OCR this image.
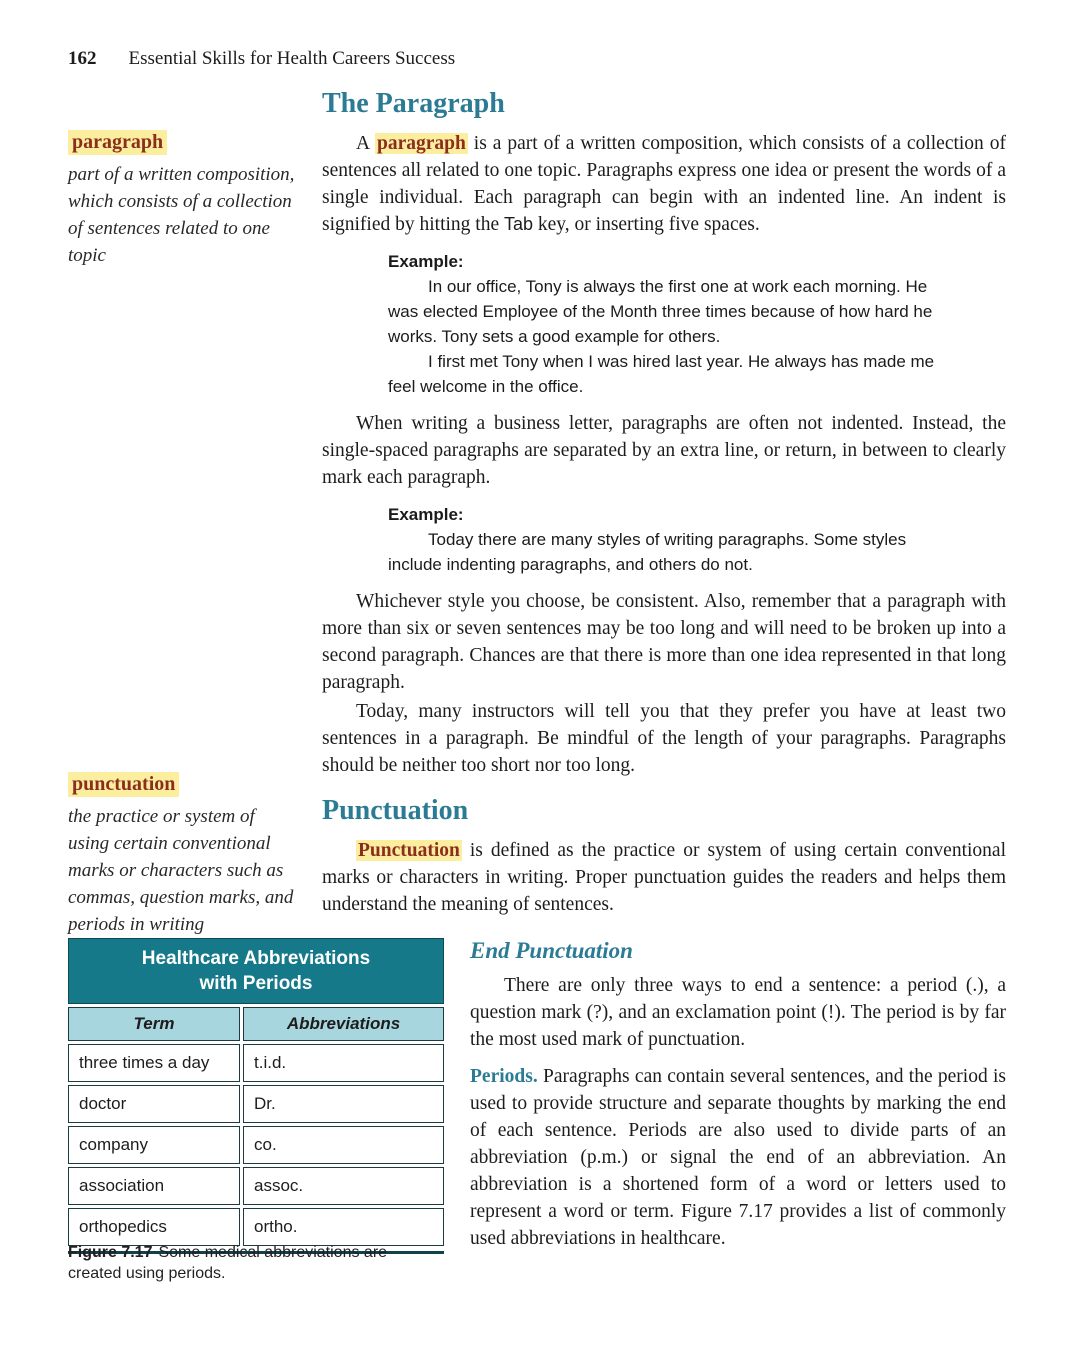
162 Essential Skills for Health Careers Success
paragraph

part of a written composition, which consists of a collection of sentences related to one topic

punctuation

the practice or system of using certain conventional marks or characters such as commas, question marks, and periods in writing

Healthcare Abbreviations
with Periods
Term	Abbreviations
three times a day	t.i.d.
doctor	Dr.
company	co.
association	assoc.
orthopedics	ortho.
Figure 7.17 Some medical abbreviations are created using periods.
The Paragraph

A paragraph is a part of a written composition, which consists of a collection of sentences all related to one topic. Paragraphs express one idea or present the words of a single individual. Each paragraph can begin with an indented line. An indent is signified by hitting the Tab key, or inserting five spaces.

Example:

In our office, Tony is always the first one at work each morning. He was elected Employee of the Month three times because of how hard he works. Tony sets a good example for others.

I first met Tony when I was hired last year. He always has made me feel welcome in the office.

When writing a business letter, paragraphs are often not indented. Instead, the single-spaced paragraphs are separated by an extra line, or return, in between to clearly mark each paragraph.

Example:

Today there are many styles of writing paragraphs. Some styles include indenting paragraphs, and others do not.

Whichever style you choose, be consistent. Also, remember that a paragraph with more than six or seven sentences may be too long and will need to be broken up into a second paragraph. Chances are that there is more than one idea represented in that long paragraph.

Today, many instructors will tell you that they prefer you have at least two sentences in a paragraph. Be mindful of the length of your paragraphs. Paragraphs should be neither too short nor too long.

Punctuation

Punctuation is defined as the practice or system of using certain conventional marks or characters in writing. Proper punctuation guides the readers and helps them understand the meaning of sentences.

End Punctuation

There are only three ways to end a sentence: a period (.), a question mark (?), and an exclamation point (!). The period is by far the most used mark of punctuation.

Periods. Paragraphs can contain several sentences, and the period is used to provide structure and separate thoughts by marking the end of each sentence. Periods are also used to divide parts of an abbreviation (p.m.) or signal the end of an abbreviation. An abbreviation is a shortened form of a word or letters used to represent a word or term. Figure 7.17 provides a list of commonly used abbreviations in healthcare.
